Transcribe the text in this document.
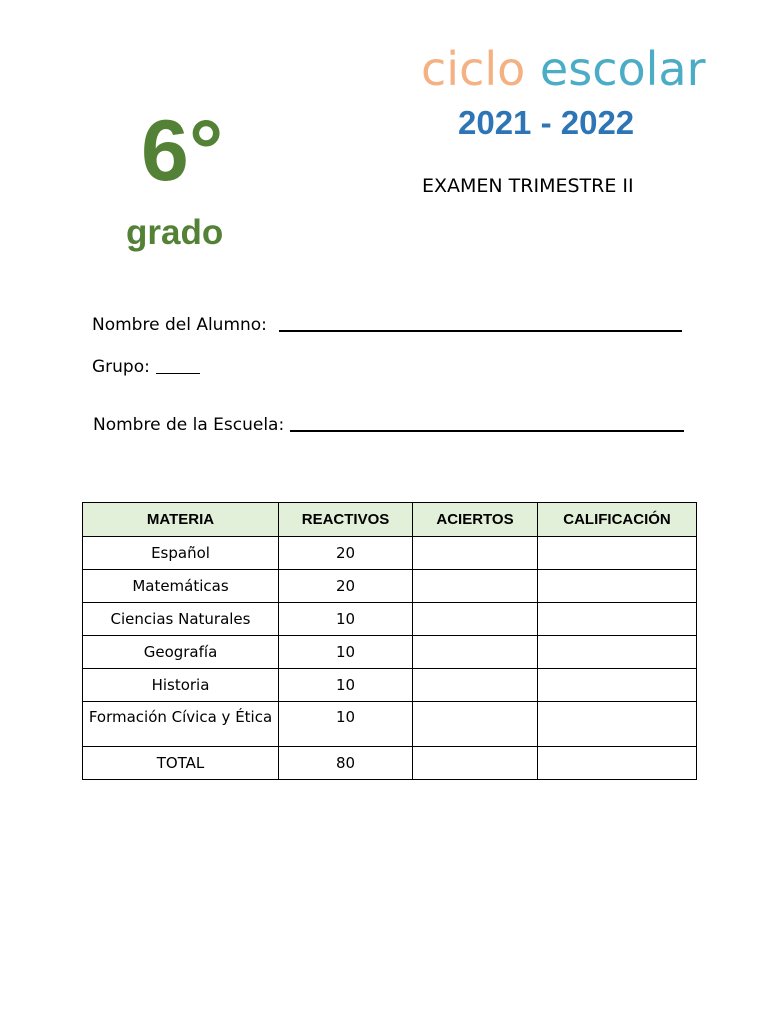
6°
grado
ciclo escolar
2021 - 2022
EXAMEN TRIMESTRE II
Nombre del Alumno:
Grupo:
Nombre de la Escuela:
MATERIA	REACTIVOS	ACIERTOS	CALIFICACIÓN
Español	20		
Matemáticas	20		
Ciencias Naturales	10		
Geografía	10		
Historia	10		
Formación Cívica y Ética	10		
TOTAL	80		
